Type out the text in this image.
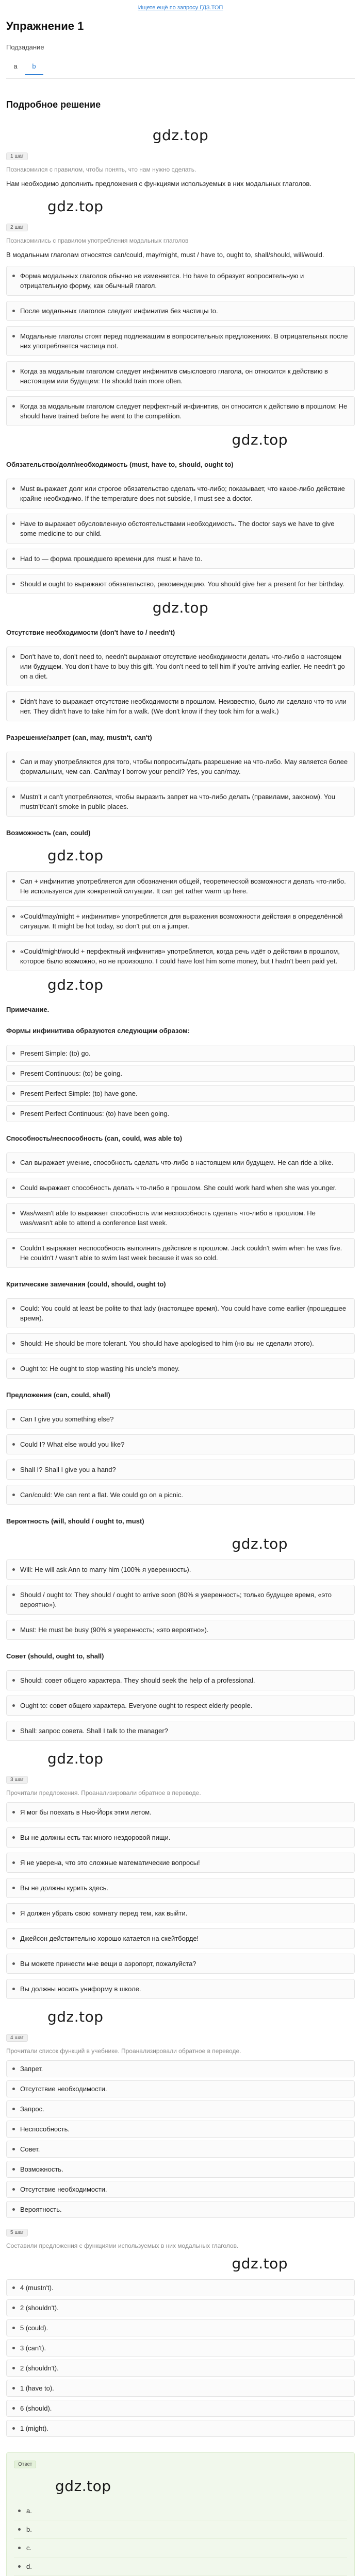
Ищете ещё по запросу ГДЗ.ТОП
Упражнение 1
Подзадание
a	b
Подробное решение
gdz.top
1 шаг
Познакомился с правилом, чтобы понять, что нам нужно сделать.

Нам необходимо дополнить предложения с функциями используемых в них модальных глаголов.

gdz.top
2 шаг
Познакомились с правилом употребления модальных глаголов

В модальным глаголам относятся can/could, may/might, must / have to, ought to, shall/should, will/would.

Форма модальных глаголов обычно не изменяется. Но have to образует вопросительную и отрицательную форму, как обычный глагол.
После модальных глаголов следует инфинитив без частицы to.
Модальные глаголы стоят перед подлежащим в вопросительных предложениях. В отрицательных после них употребляется частица not.
Когда за модальным глаголом следует инфинитив смыслового глагола, он относится к действию в настоящем или будущем: He should train more often.
Когда за модальным глаголом следует перфектный инфинитив, он относится к действию в прошлом: He should have trained before he went to the competition.
gdz.top

Обязательство/долг/необходимость (must, have to, should, ought to)

Must выражает долг или строгое обязательство сделать что-либо; показывает, что какое-либо действие крайне необходимо. If the temperature does not subside, I must see a doctor.
Have to выражает обусловленную обстоятельствами необходимость. The doctor says we have to give some medicine to our child.
Had to — форма прошедшего времени для must и have to.
Should и ought to выражают обязательство, рекомендацию. You should give her a present for her birthday.
gdz.top

Отсутствие необходимости (don't have to / needn't)

Don't have to, don't need to, needn't выражают отсутствие необходимости делать что-либо в настоящем или будущем. You don't have to buy this gift. You don't need to tell him if you're arriving earlier. He needn't go on a diet.
Didn't have to выражает отсутствие необходимости в прошлом. Неизвестно, было ли сделано что-то или нет. They didn't have to take him for a walk. (We don't know if they took him for a walk.)

Разрешение/запрет (can, may, mustn't, can't)

Can и may употребляются для того, чтобы попросить/дать разрешение на что-либо. May является более формальным, чем can. Can/may I borrow your pencil? Yes, you can/may.
Mustn't и can't употребляются, чтобы выразить запрет на что-либо делать (правилами, законом). You mustn't/can't smoke in public places.

Возможность (can, could)

gdz.top
Can + инфинитив употребляется для обозначения общей, теоретической возможности делать что-либо. Не используется для конкретной ситуации. It can get rather warm up here.
«Could/may/might + инфинитив» употребляется для выражения возможности действия в определённой ситуации. It might be hot today, so don't put on a jumper.
«Could/might/would + перфектный инфинитив» употребляется, когда речь идёт о действии в прошлом, которое было возможно, но не произошло. I could have lost him some money, but I hadn't been paid yet.
gdz.top

Примечание.

Формы инфинитива образуются следующим образом:

Present Simple: (to) go.
Present Continuous: (to) be going.
Present Perfect Simple: (to) have gone.
Present Perfect Continuous: (to) have been going.

Способность/неспособность (can, could, was able to)

Can выражает умение, способность сделать что-либо в настоящем или будущем. He can ride a bike.
Could выражает способность делать что-либо в прошлом. She could work hard when she was younger.
Was/wasn't able to выражает способность или неспособность сделать что-либо в прошлом. He was/wasn't able to attend a conference last week.
Couldn't выражает неспособность выполнить действие в прошлом. Jack couldn't swim when he was five. He couldn't / wasn't able to swim last week because it was so cold.

Критические замечания (could, should, ought to)

Could: You could at least be polite to that lady (настоящее время). You could have come earlier (прошедшее время).
Should: He should be more tolerant. You should have apologised to him (но вы не сделали этого).
Ought to: He ought to stop wasting his uncle's money.

Предложения (can, could, shall)

Can I give you something else?
Could I? What else would you like?
Shall I? Shall I give you a hand?
Can/could: We can rent a flat. We could go on a picnic.

Вероятность (will, should / ought to, must)

gdz.top
Will: He will ask Ann to marry him (100% я уверенность).
Should / ought to: They should / ought to arrive soon (80% я уверенность; только будущее время, «это вероятно»).
Must: He must be busy (90% я уверенность; «это вероятно»).

Совет (should, ought to, shall)

Should: совет общего характера. They should seek the help of a professional.
Ought to: совет общего характера. Everyone ought to respect elderly people.
Shall: запрос совета. Shall I talk to the manager?
gdz.top
3 шаг
Прочитали предложения. Проанализировали обратное в переводе.
Я мог бы поехать в Нью-Йорк этим летом.
Вы не должны есть так много нездоровой пищи.
Я не уверена, что это сложные математические вопросы!
Вы не должны курить здесь.
Я должен убрать свою комнату перед тем, как выйти.
Джейсон действительно хорошо катается на скейтборде!
Вы можете принести мне вещи в аэропорт, пожалуйста?
Вы должны носить униформу в школе.
gdz.top
4 шаг
Прочитали список функций в учебнике. Проанализировали обратное в переводе.
Запрет.
Отсутствие необходимости.
Запрос.
Неспособность.
Совет.
Возможность.
Отсутствие необходимости.
Вероятность.
5 шаг
Составили предложения с функциями используемых в них модальных глаголов.
gdz.top
4 (mustn't).
2 (shouldn't).
5 (could).
3 (can't).
2 (shouldn't).
1 (have to).
6 (should).
1 (might).
Ответ
gdz.top
a.
b.
c.
d.
